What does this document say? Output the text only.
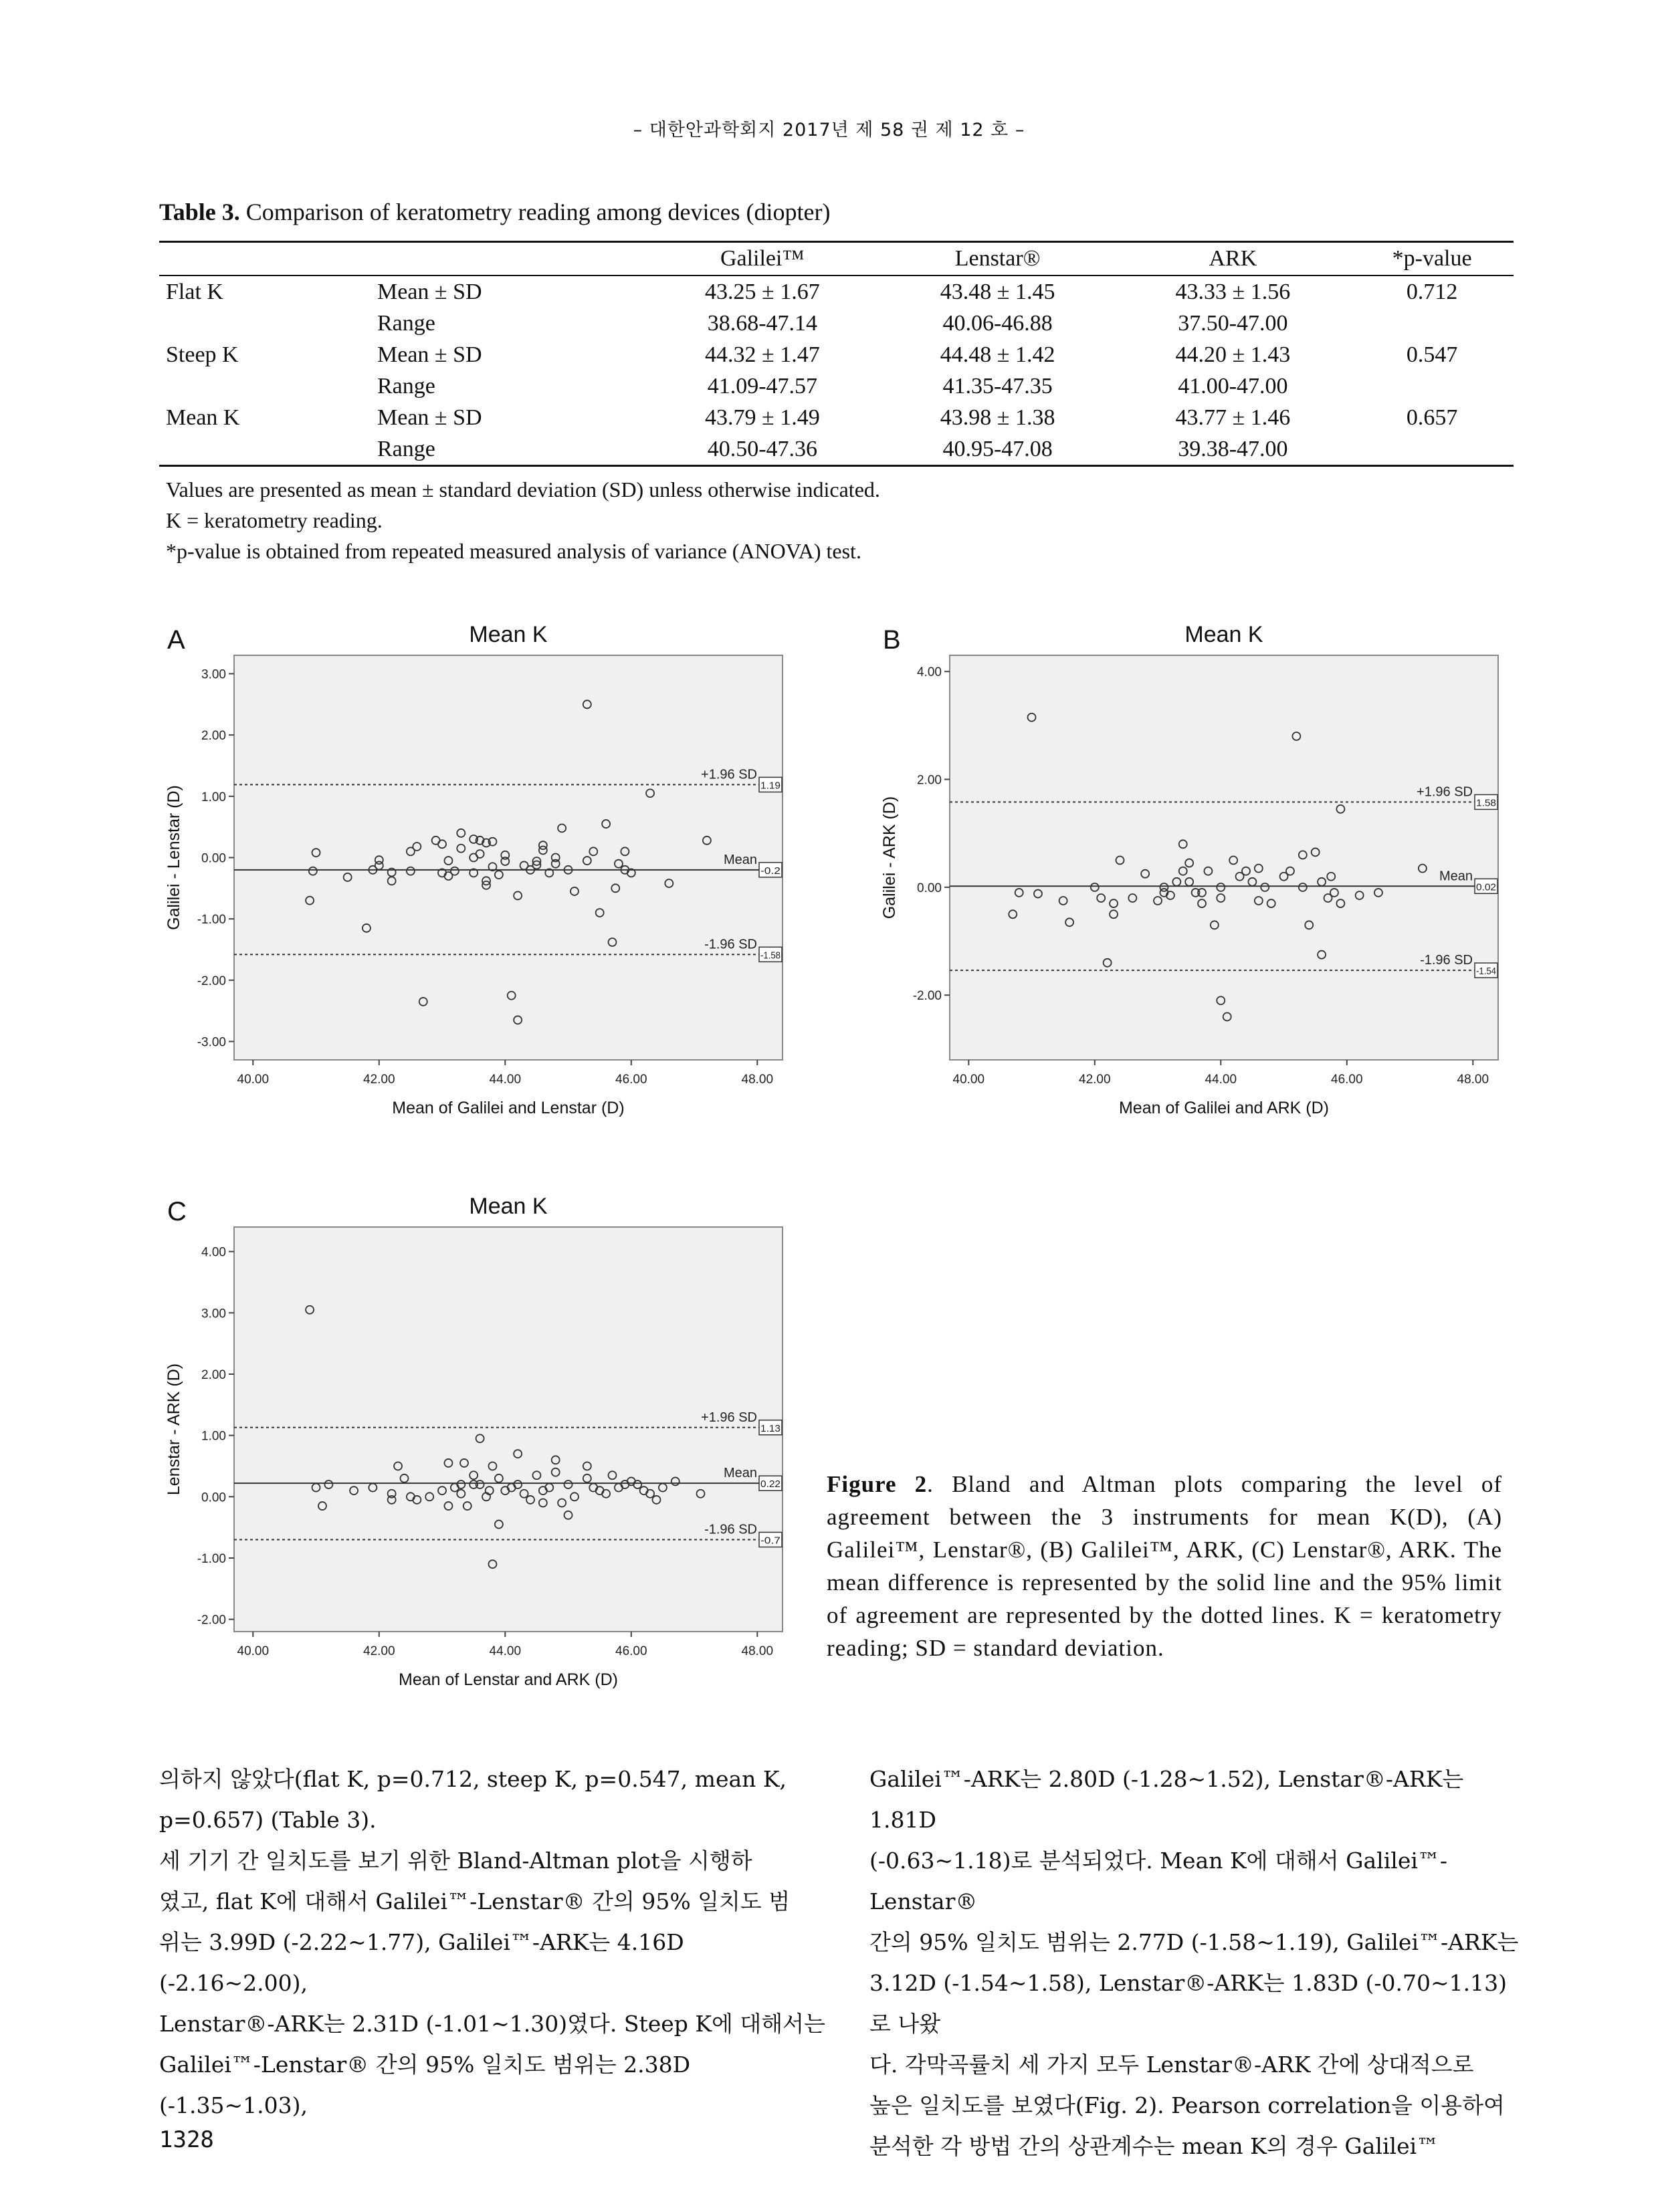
– 대한안과학회지 2017년 제 58 권 제 12 호 –
Table 3. Comparison of keratometry reading among devices (diopter)
		Galilei™	Lenstar®	ARK	*p-value
Flat K	Mean ± SD	43.25 ± 1.67	43.48 ± 1.45	43.33 ± 1.56	0.712
	Range	38.68-47.14	40.06-46.88	37.50-47.00	
Steep K	Mean ± SD	44.32 ± 1.47	44.48 ± 1.42	44.20 ± 1.43	0.547
	Range	41.09-47.57	41.35-47.35	41.00-47.00	
Mean K	Mean ± SD	43.79 ± 1.49	43.98 ± 1.38	43.77 ± 1.46	0.657
	Range	40.50-47.36	40.95-47.08	39.38-47.00	
Values are presented as mean ± standard deviation (SD) unless otherwise indicated.
K = keratometry reading.
*p-value is obtained from repeated measured analysis of variance (ANOVA) test.
3.00
2.00
1.00
0.00
-1.00
-2.00
-3.00
40.00	42.00	44.00	46.00	48.00
+1.96 SD
1.19
Mean
-0.2
-1.96 SD
-1.58
Mean of Galilei and Lenstar (D)
Galilei - Lenstar (D)
Mean K
A
4.00
2.00
0.00
-2.00
40.00	42.00	44.00	46.00	48.00
+1.96 SD
1.58
Mean
0.02
-1.96 SD
-1.54
Mean of Galilei and ARK (D)
Galilei - ARK (D)
Mean K
B
4.00
3.00
2.00
1.00
0.00
-1.00
-2.00
40.00	42.00	44.00	46.00	48.00
+1.96 SD
1.13
Mean
0.22
-1.96 SD
-0.7
Mean of Lenstar and ARK (D)
Lenstar - ARK (D)
Mean K
C
Figure 2. Bland and Altman plots comparing the level of agreement between the 3 instruments for mean K(D), (A) Galilei™, Lenstar®, (B) Galilei™, ARK, (C) Lenstar®, ARK. The mean difference is represented by the solid line and the 95% limit of agreement are represented by the dotted lines. K = keratometry reading; SD = standard deviation.
의하지 않았다(flat K, p=0.712, steep K, p=0.547, mean K,
p=0.657) (Table 3).
세 기기 간 일치도를 보기 위한 Bland-Altman plot을 시행하
였고, flat K에 대해서 Galilei™-Lenstar® 간의 95% 일치도 범
위는 3.99D (-2.22~1.77), Galilei™-ARK는 4.16D (-2.16~2.00),
Lenstar®-ARK는 2.31D (-1.01~1.30)였다. Steep K에 대해서는
Galilei™-Lenstar® 간의 95% 일치도 범위는 2.38D (-1.35~1.03),
Galilei™-ARK는 2.80D (-1.28~1.52), Lenstar®-ARK는 1.81D
(-0.63~1.18)로 분석되었다. Mean K에 대해서 Galilei™-Lenstar®
간의 95% 일치도 범위는 2.77D (-1.58~1.19), Galilei™-ARK는
3.12D (-1.54~1.58), Lenstar®-ARK는 1.83D (-0.70~1.13)로 나왔
다. 각막곡률치 세 가지 모두 Lenstar®-ARK 간에 상대적으로
높은 일치도를 보였다(Fig. 2). Pearson correlation을 이용하여
분석한 각 방법 간의 상관계수는 mean K의 경우 Galilei™
1328
